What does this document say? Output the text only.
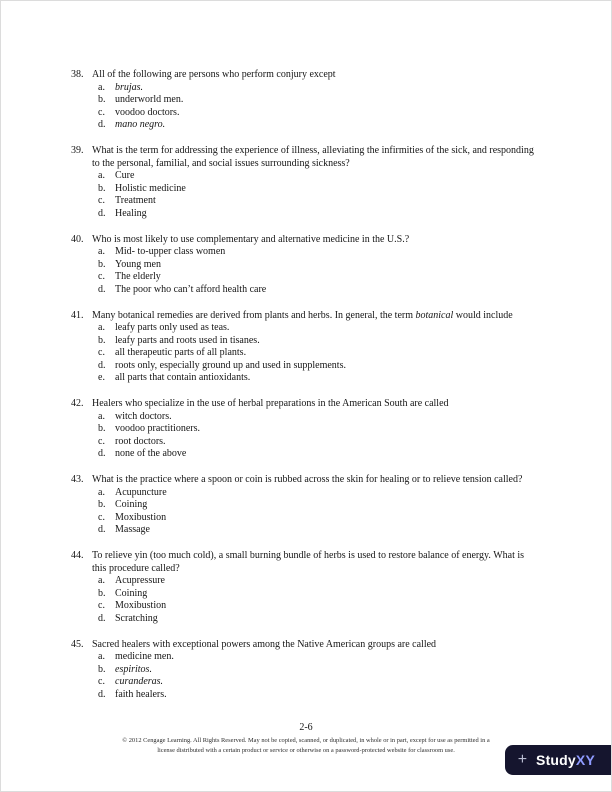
38. All of the following are persons who perform conjury except
a.	brujas.
b. underworld men.
c.	voodoo doctors.
d. mano negro.
39. What is the term for addressing the experience of illness, alleviating the infirmities of the sick, and responding to the personal, familial, and social issues surrounding sickness?
a.	Cure
b. Holistic medicine
c.	Treatment
d. Healing
40. Who is most likely to use complementary and alternative medicine in the U.S.?
a.	Mid- to-upper class women
b. Young men
c.	The elderly
d. The poor who can’t afford health care
41. Many botanical remedies are derived from plants and herbs. In general, the term botanical would include
a.	leafy parts only used as teas.
b. leafy parts and roots used in tisanes.
c.	all therapeutic parts of all plants.
d. roots only, especially ground up and used in supplements.
e.	all parts that contain antioxidants.
42. Healers who specialize in the use of herbal preparations in the American South are called
a.	witch doctors.
b. voodoo practitioners.
c.	root doctors.
d. none of the above
43. What is the practice where a spoon or coin is rubbed across the skin for healing or to relieve tension called?
a.	Acupuncture
b. Coining
c.	Moxibustion
d. Massage
44. To relieve yin (too much cold), a small burning bundle of herbs is used to restore balance of energy. What is this procedure called?
a.	Acupressure
b. Coining
c.	Moxibustion
d. Scratching
45. Sacred healers with exceptional powers among the Native American groups are called
a.	medicine men.
b. espiritos.
c.	curanderas.
d. faith healers.
2-6
© 2012 Cengage Learning. All Rights Reserved. May not be copied, scanned, or duplicated, in whole or in part, except for use as permitted in a
license distributed with a certain product or service or otherwise on a password-protected website for classroom use.
+ StudyXY
